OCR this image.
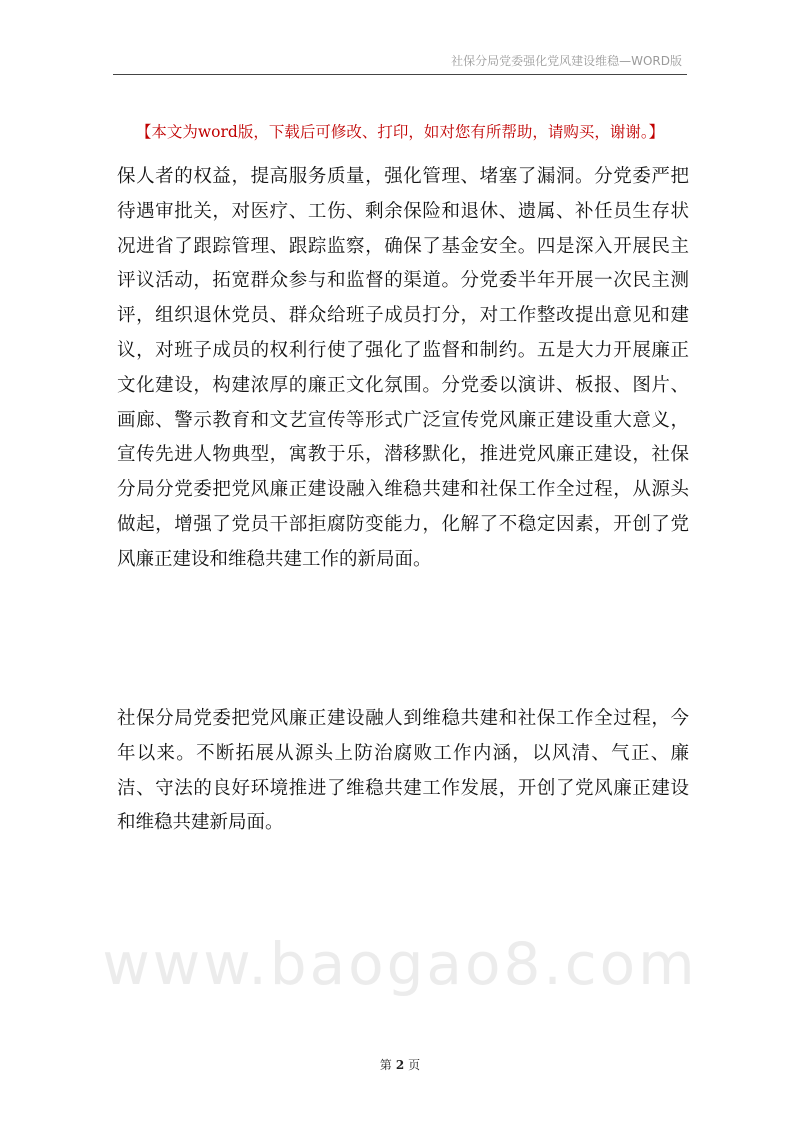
社保分局党委强化党风建设维稳—WORD版
【本文为word版，下载后可修改、打印，如对您有所帮助，请购买，谢谢。】
保人者的权益，提高服务质量，强化管理、堵塞了漏洞。分党委严把待遇审批关，对医疗、工伤、剩余保险和退休、遗属、补任员生存状况进省了跟踪管理、跟踪监察，确保了基金安全。四是深入开展民主评议活动，拓宽群众参与和监督的渠道。分党委半年开展一次民主测评，组织退休党员、群众给班子成员打分，对工作整改提出意见和建议，对班子成员的权利行使了强化了监督和制约。五是大力开展廉正文化建设，构建浓厚的廉正文化氛围。分党委以演讲、板报、图片、画廊、警示教育和文艺宣传等形式广泛宣传党风廉正建设重大意义，宣传先进人物典型，寓教于乐，潜移默化，推进党风廉正建设，社保分局分党委把党风廉正建设融入维稳共建和社保工作全过程，从源头做起，增强了党员干部拒腐防变能力，化解了不稳定因素，开创了党风廉正建设和维稳共建工作的新局面。
社保分局党委把党风廉正建设融人到维稳共建和社保工作全过程，今年以来。不断拓展从源头上防治腐败工作内涵，以风清、气正、廉洁、守法的良好环境推进了维稳共建工作发展，开创了党风廉正建设和维稳共建新局面。
www.baogao8.com
第 2 页
